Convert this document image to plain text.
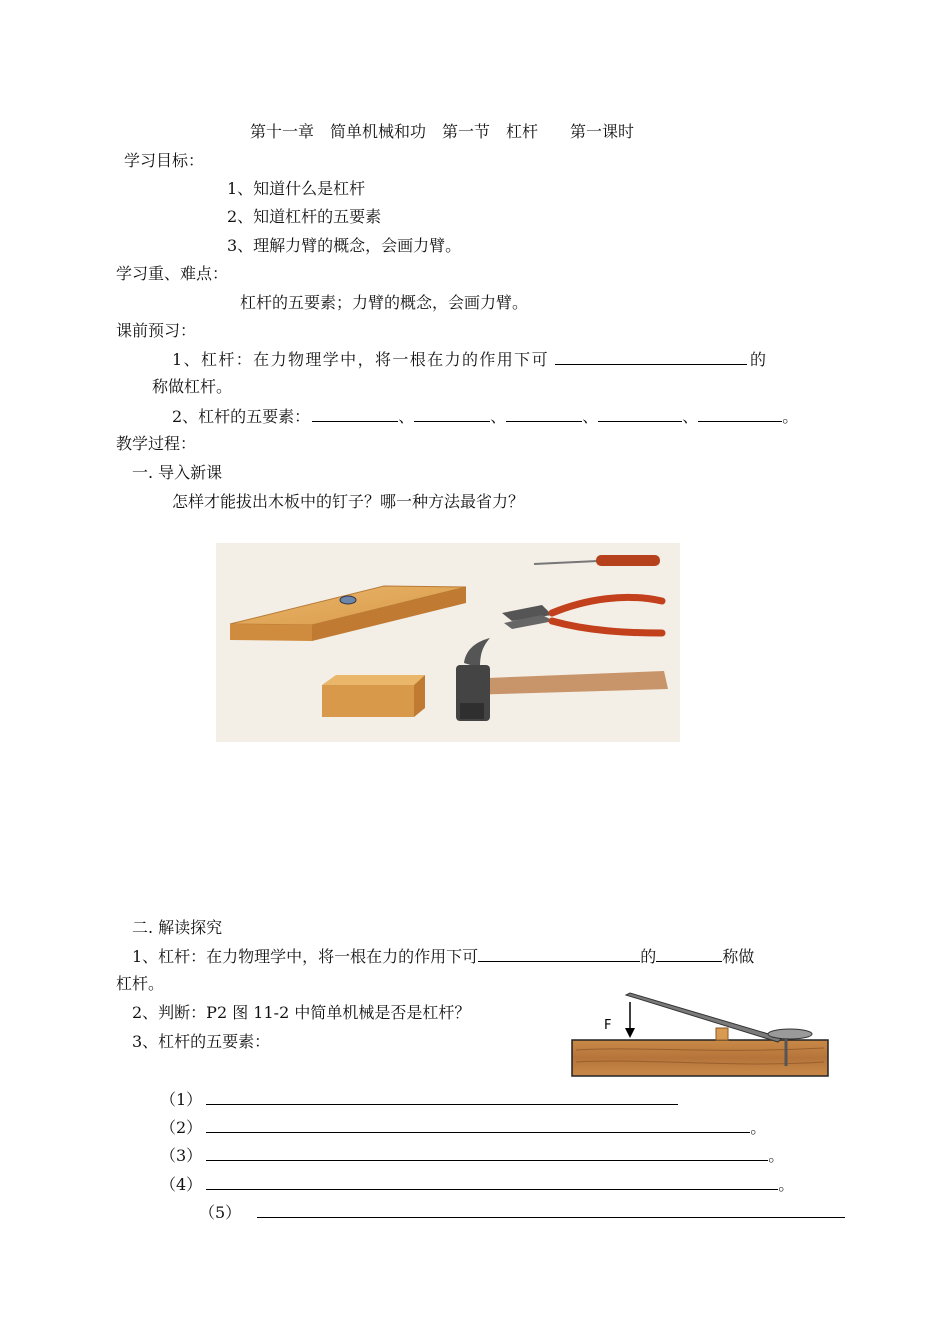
第十一章　简单机械和功　第一节　杠杆　　第一课时
学习目标：
1、知道什么是杠杆
2、知道杠杆的五要素
3、理解力臂的概念，会画力臂。
学习重、难点：
杠杆的五要素；力臂的概念，会画力臂。
课前预习：
1、杠杆：在力物理学中，将一根在力的作用下可	的
称做杠杆。
2、杠杆的五要素：	、	、	、	、	。
教学过程：
一. 导入新课
怎样才能拔出木板中的钉子？哪一种方法最省力？
二. 解读探究
1、杠杆：在力物理学中，将一根在力的作用下可	的	称做
杠杆。
2、判断：P2 图 11-2 中简单机械是否是杠杆？
3、杠杆的五要素：
F
（1）
（2）	。
（3）	。
（4）	。
（5）
